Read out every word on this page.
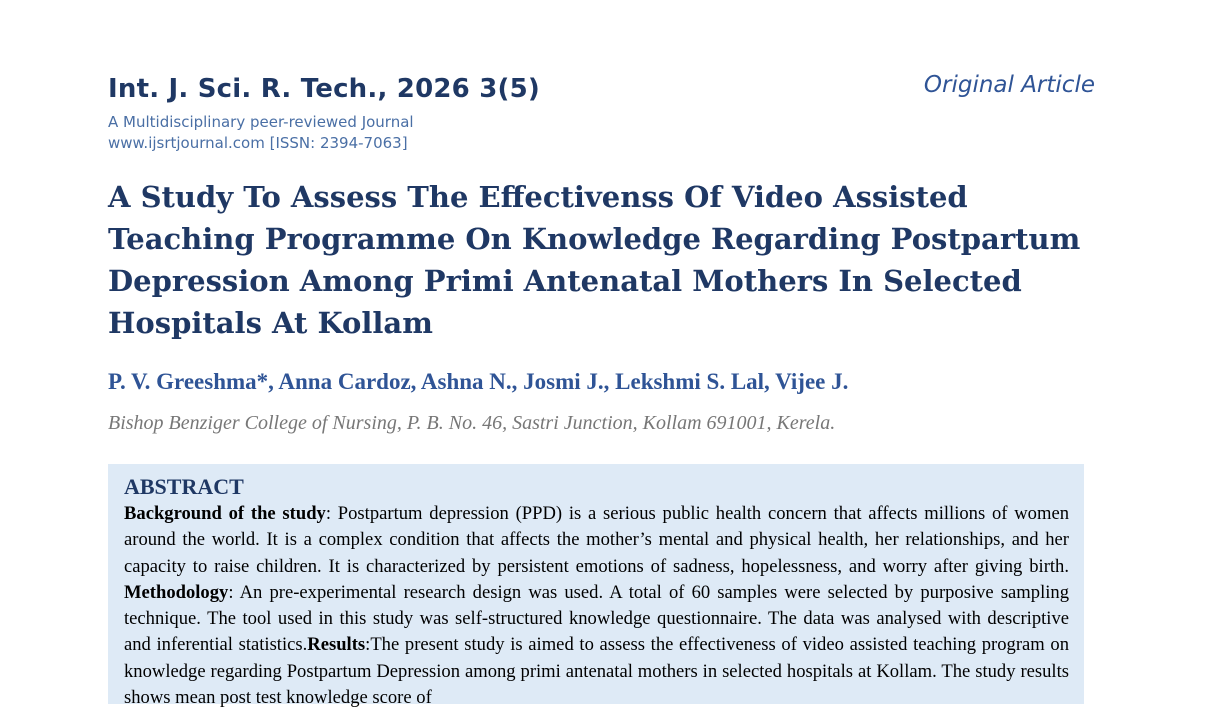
Int. J. Sci. R. Tech., 2026 3(5)
A Multidisciplinary peer-reviewed Journal
www.ijsrtjournal.com [ISSN: 2394-7063]
Original Article
A Study To Assess The Effectivenss Of Video Assisted Teaching Programme On Knowledge Regarding Postpartum Depression Among Primi Antenatal Mothers In Selected Hospitals At Kollam
P. V. Greeshma*, Anna Cardoz, Ashna N., Josmi J., Lekshmi S. Lal, Vijee J.
Bishop Benziger College of Nursing, P. B. No. 46, Sastri Junction, Kollam 691001, Kerela.
ABSTRACT
Background of the study: Postpartum depression (PPD) is a serious public health concern that affects millions of women around the world. It is a complex condition that affects the mother’s mental and physical health, her relationships, and her capacity to raise children. It is characterized by persistent emotions of sadness, hopelessness, and worry after giving birth. Methodology: An pre-experimental research design was used. A total of 60 samples were selected by purposive sampling technique. The tool used in this study was self-structured knowledge questionnaire. The data was analysed with descriptive and inferential statistics.Results:The present study is aimed to assess the effectiveness of video assisted teaching program on knowledge regarding Postpartum Depression among primi antenatal mothers in selected hospitals at Kollam. The study results shows mean post test knowledge score of
